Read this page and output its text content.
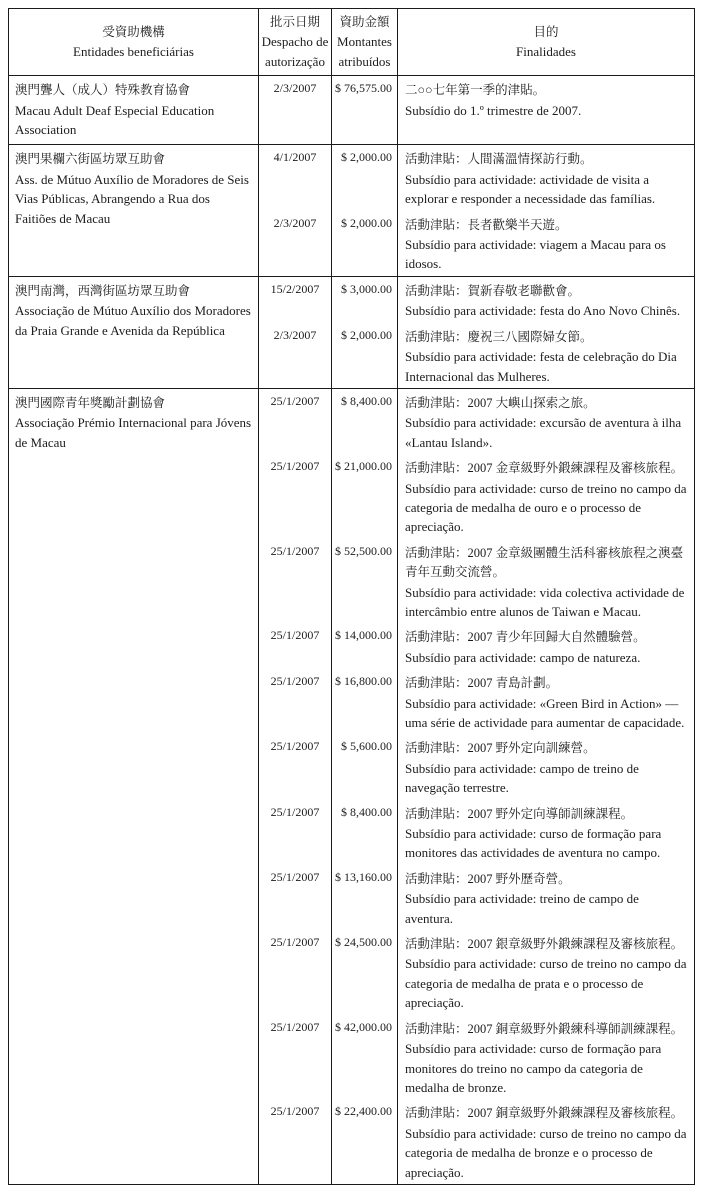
受資助機構
Entidades beneficiárias
批示日期
Despacho de autorização
資助金額
Montantes atribuídos
目的
Finalidades
澳門聾人（成人）特殊教育協會
Macau Adult Deaf Especial Education Association
2/3/2007	$ 76,575.00	二○○七年第一季的津貼。
Subsídio do 1.º trimestre de 2007.
澳門果欄六街區坊眾互助會
Ass. de Mútuo Auxílio de Moradores de Seis Vias Públicas, Abrangendo a Rua dos Faitiões de Macau
4/1/2007	$ 2,000.00	活動津貼：人間滿溫情探訪行動。
Subsídio para actividade: actividade de visita a explorar e responder a necessidade das famílias.
2/3/2007	$ 2,000.00	活動津貼：長者歡樂半天遊。
Subsídio para actividade: viagem a Macau para os idosos.
澳門南灣，西灣街區坊眾互助會
Associação de Mútuo Auxílio dos Moradores da Praia Grande e Avenida da República
15/2/2007	$ 3,000.00	活動津貼：賀新春敬老聯歡會。
Subsídio para actividade: festa do Ano Novo Chinês.
2/3/2007	$ 2,000.00	活動津貼：慶祝三八國際婦女節。
Subsídio para actividade: festa de celebração do Dia Internacional das Mulheres.
澳門國際青年獎勵計劃協會
Associação Prémio Internacional para Jóvens de Macau
25/1/2007	$ 8,400.00	活動津貼：2007 大嶼山探索之旅。
Subsídio para actividade: excursão de aventura à ilha «Lantau Island».
25/1/2007	$ 21,000.00	活動津貼：2007 金章級野外鍛練課程及審核旅程。
Subsídio para actividade: curso de treino no campo da categoria de medalha de ouro e o processo de apreciação.
25/1/2007	$ 52,500.00	活動津貼：2007 金章級團體生活科審核旅程之澳臺青年互動交流營。
Subsídio para actividade: vida colectiva actividade de intercâmbio entre alunos de Taiwan e Macau.
25/1/2007	$ 14,000.00	活動津貼：2007 青少年回歸大自然體驗營。
Subsídio para actividade: campo de natureza.
25/1/2007	$ 16,800.00	活動津貼：2007 青島計劃。
Subsídio para actividade: «Green Bird in Action» — uma série de actividade para aumentar de capacidade.
25/1/2007	$ 5,600.00	活動津貼：2007 野外定向訓練營。
Subsídio para actividade: campo de treino de navegação terrestre.
25/1/2007	$ 8,400.00	活動津貼：2007 野外定向導師訓練課程。
Subsídio para actividade: curso de formação para monitores das actividades de aventura no campo.
25/1/2007	$ 13,160.00	活動津貼：2007 野外歷奇營。
Subsídio para actividade: treino de campo de aventura.
25/1/2007	$ 24,500.00	活動津貼：2007 銀章級野外鍛練課程及審核旅程。
Subsídio para actividade: curso de treino no campo da categoria de medalha de prata e o processo de apreciação.
25/1/2007	$ 42,000.00	活動津貼：2007 銅章級野外鍛練科導師訓練課程。
Subsídio para actividade: curso de formação para monitores do treino no campo da categoria de medalha de bronze.
25/1/2007	$ 22,400.00	活動津貼：2007 銅章級野外鍛練課程及審核旅程。
Subsídio para actividade: curso de treino no campo da categoria de medalha de bronze e o processo de apreciação.
